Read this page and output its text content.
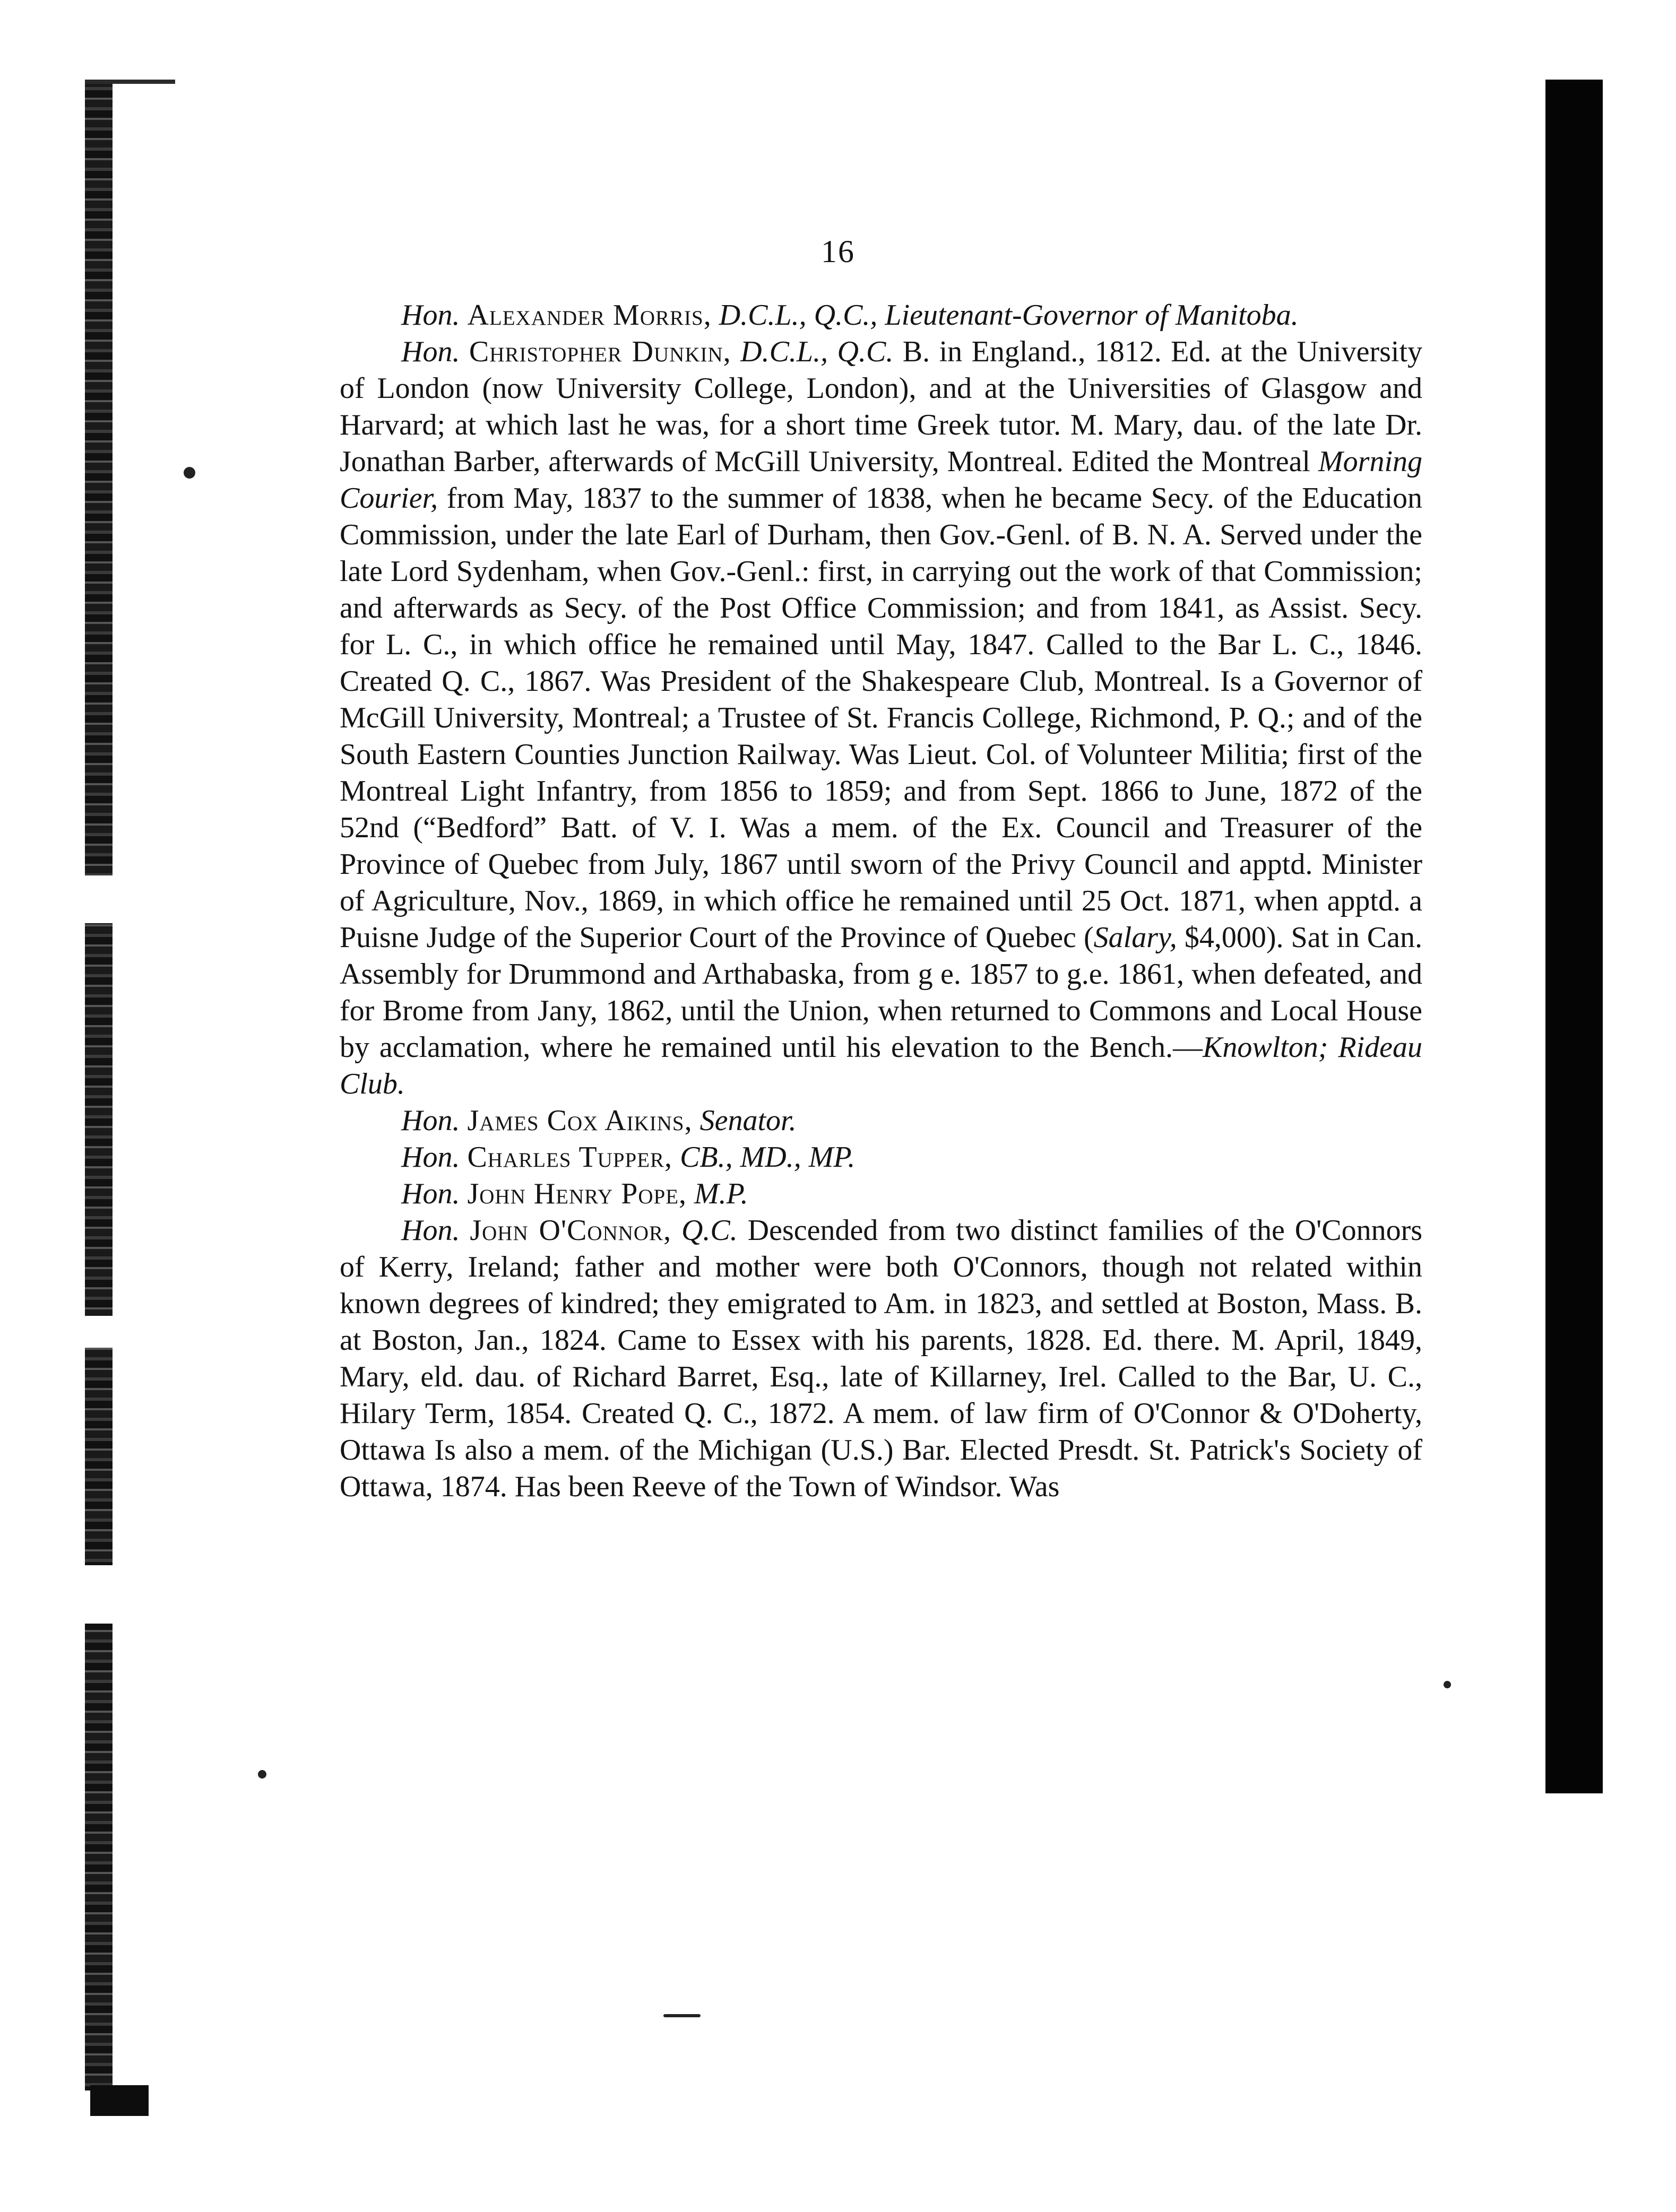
16

Hon. Alexander Morris, D.C.L., Q.C., Lieutenant-Governor of Manitoba.

Hon. Christopher Dunkin, D.C.L., Q.C. B. in England., 1812. Ed. at the University of London (now University College, London), and at the Universities of Glasgow and Harvard; at which last he was, for a short time Greek tutor. M. Mary, dau. of the late Dr. Jonathan Barber, afterwards of McGill University, Montreal. Edited the Montreal Morning Courier, from May, 1837 to the summer of 1838, when he became Secy. of the Education Commission, under the late Earl of Durham, then Gov.-Genl. of B. N. A. Served under the late Lord Sydenham, when Gov.-Genl.: first, in carrying out the work of that Commission; and afterwards as Secy. of the Post Office Commission; and from 1841, as Assist. Secy. for L. C., in which office he remained until May, 1847. Called to the Bar L. C., 1846. Created Q. C., 1867. Was President of the Shakespeare Club, Montreal. Is a Governor of McGill University, Montreal; a Trustee of St. Francis College, Richmond, P. Q.; and of the South Eastern Counties Junction Railway. Was Lieut. Col. of Volunteer Militia; first of the Montreal Light Infantry, from 1856 to 1859; and from Sept. 1866 to June, 1872 of the 52nd (“Bedford” Batt. of V. I. Was a mem. of the Ex. Council and Treasurer of the Province of Quebec from July, 1867 until sworn of the Privy Council and apptd. Minister of Agriculture, Nov., 1869, in which office he remained until 25 Oct. 1871, when apptd. a Puisne Judge of the Superior Court of the Province of Quebec (Salary, $4,000). Sat in Can. Assembly for Drummond and Arthabaska, from g e. 1857 to g.e. 1861, when defeated, and for Brome from Jany, 1862, until the Union, when returned to Commons and Local House by acclamation, where he remained until his elevation to the Bench.—Knowlton; Rideau Club.

Hon. James Cox Aikins, Senator.

Hon. Charles Tupper, CB., MD., MP.

Hon. John Henry Pope, M.P.

Hon. John O'Connor, Q.C. Descended from two distinct families of the O'Connors of Kerry, Ireland; father and mother were both O'Connors, though not related within known degrees of kindred; they emigrated to Am. in 1823, and settled at Boston, Mass. B. at Boston, Jan., 1824. Came to Essex with his parents, 1828. Ed. there. M. April, 1849, Mary, eld. dau. of Richard Barret, Esq., late of Killarney, Irel. Called to the Bar, U. C., Hilary Term, 1854. Created Q. C., 1872. A mem. of law firm of O'Connor & O'Doherty, Ottawa Is also a mem. of the Michigan (U.S.) Bar. Elected Presdt. St. Patrick's Society of Ottawa, 1874. Has been Reeve of the Town of Windsor. Was
